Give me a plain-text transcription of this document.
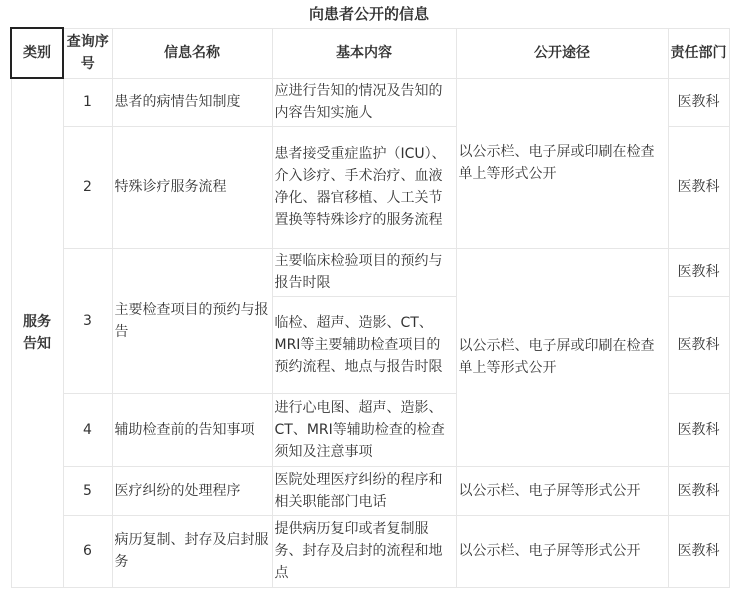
向患者公开的信息
类别	查询序号	信息名称	基本内容	公开途径	责任部门
服务告知	1	患者的病情告知制度	应进行告知的情况及告知的内容告知实施人	以公示栏、电子屏或印刷在检查单上等形式公开	医教科
	2	特殊诊疗服务流程	患者接受重症监护（ICU）、介入诊疗、手术治疗、血液净化、器官移植、人工关节置换等特殊诊疗的服务流程		医教科
	3	主要检查项目的预约与报告	主要临床检验项目的预约与报告时限	以公示栏、电子屏或印刷在检查单上等形式公开	医教科
			临检、超声、造影、CT、MRI等主要辅助检查项目的预约流程、地点与报告时限		医教科
	4	辅助检查前的告知事项	进行心电图、超声、造影、CT、MRI等辅助检查的检查须知及注意事项		医教科
	5	医疗纠纷的处理程序	医院处理医疗纠纷的程序和相关职能部门电话	以公示栏、电子屏等形式公开	医教科
	6	病历复制、封存及启封服务	提供病历复印或者复制服务、封存及启封的流程和地点	以公示栏、电子屏等形式公开	医教科
